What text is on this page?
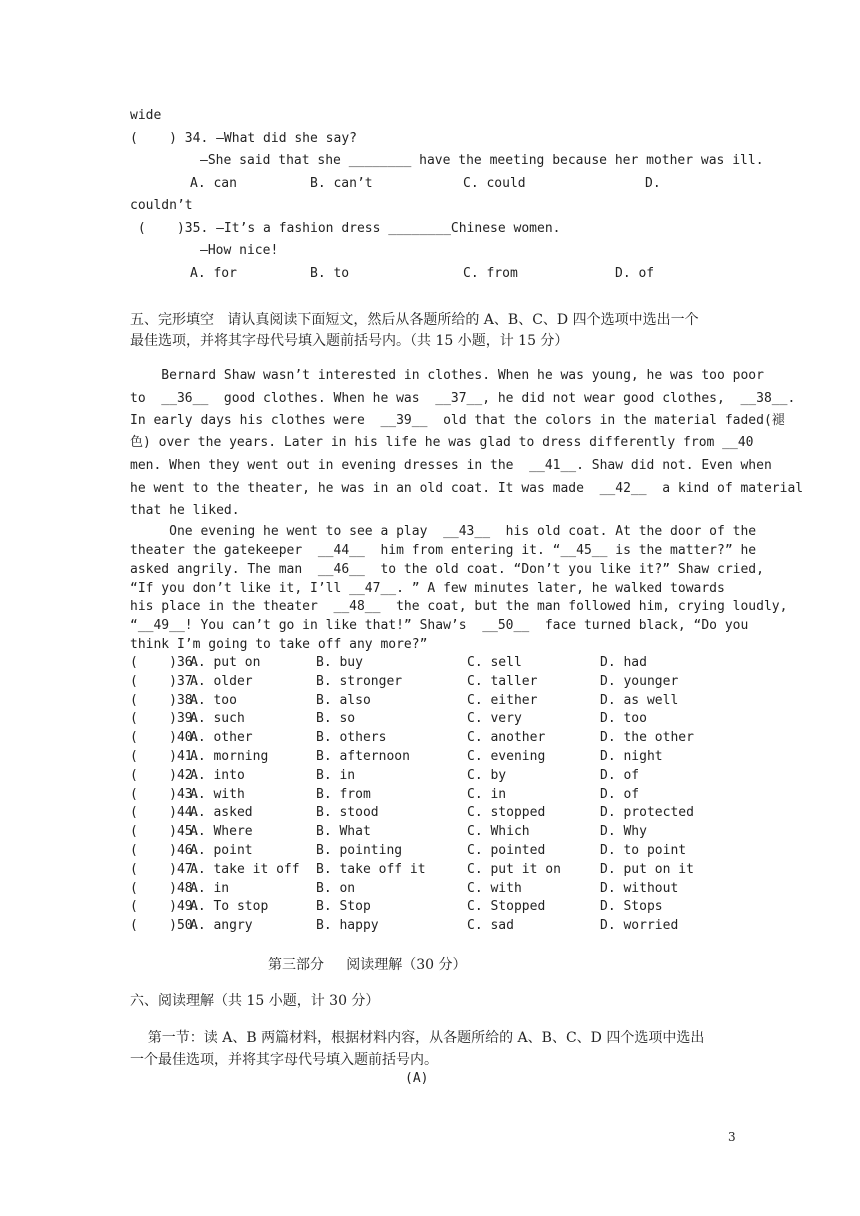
wide
(    ) 34. —What did she say?
—She said that she ________ have the meeting because her mother was ill.
A. can	B. can’t	C. could	D.
couldn’t
(    )35. —It’s a fashion dress ________Chinese women.
—How nice!
A. for	B. to	C. from	D. of
五、完形填空   请认真阅读下面短文，然后从各题所给的 A、B、C、D 四个选项中选出一个
最佳选项，并将其字母代号填入题前括号内。（共 15 小题，计 15 分）
Bernard Shaw wasn’t interested in clothes. When he was young, he was too poor
to  __36__  good clothes. When he was  __37__, he did not wear good clothes,  __38__.
In early days his clothes were  __39__  old that the colors in the material faded(褪
色) over the years. Later in his life he was glad to dress differently from __40
men. When they went out in evening dresses in the  __41__. Shaw did not. Even when
he went to the theater, he was in an old coat. It was made  __42__  a kind of material
that he liked.
One evening he went to see a play  __43__  his old coat. At the door of the
theater the gatekeeper  __44__  him from entering it. “__45__ is the matter?” he
asked angrily. The man  __46__  to the old coat. “Don’t you like it?” Shaw cried,
“If you don’t like it, I’ll __47__. ” A few minutes later, he walked towards
his place in the theater  __48__  the coat, but the man followed him, crying loudly,
“__49__! You can’t go in like that!” Shaw’s  __50__  face turned black, “Do you
think I’m going to take off any more?”
(    )36.
A. put on	B. buy	C. sell	D. had
(    )37.
A. older	B. stronger	C. taller	D. younger
(    )38.
A. too	B. also	C. either	D. as well
(    )39.
A. such	B. so	C. very	D. too
(    )40.
A. other	B. others	C. another	D. the other
(    )41.
A. morning	B. afternoon	C. evening	D. night
(    )42.
A. into	B. in	C. by	D. of
(    )43.
A. with	B. from	C. in	D. of
(    )44.
A. asked	B. stood	C. stopped	D. protected
(    )45.
A. Where	B. What	C. Which	D. Why
(    )46.
A. point	B. pointing	C. pointed	D. to point
(    )47.
A. take it off B. take off it	C. put it on	D. put on it
(    )48.
A. in	B. on	C. with	D. without
(    )49.
A. To stop	B. Stop	C. Stopped	D. Stops
(    )50.
A. angry	B. happy	C. sad	D. worried
第三部分     阅读理解（30 分）
六、阅读理解（共 15 小题，计 30 分）
第一节：读 A、B 两篇材料，根据材料内容，从各题所给的 A、B、C、D 四个选项中选出
一个最佳选项，并将其字母代号填入题前括号内。
(A)
3
